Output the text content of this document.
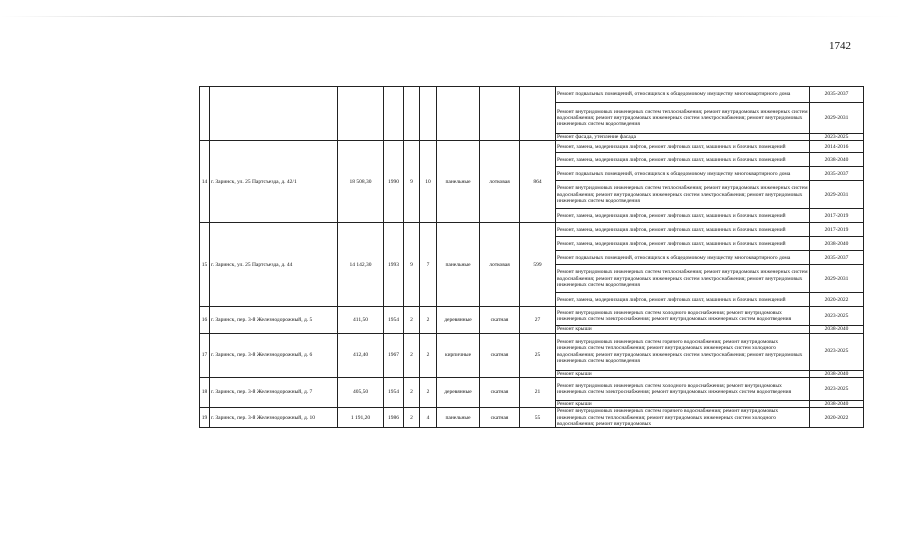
1742
									Ремонт подвальных помещений, относящихся к общедомовому имуществу многоквартирного дома	2035-2037
									Ремонт внутридомовых инженерных систем теплоснабжения; ремонт внутридомовых инженерных систем водоснабжения; ремонт внутридомовых инженерных систем электроснабжения; ремонт внутридомовых инженерных систем водоотведения	2029-2031
									Ремонт фасада, утепление фасада	2023-2025
14	г. Заринск, ул. 25 Партсъезда, д. 42/1	18 508,30	1990	9	10	панельные	лотковая	864	Ремонт, замена, модернизация лифтов, ремонт лифтовых шахт, машинных и блочных помещений	2014-2016
									Ремонт, замена, модернизация лифтов, ремонт лифтовых шахт, машинных и блочных помещений	2038-2040
									Ремонт подвальных помещений, относящихся к общедомовому имуществу многоквартирного дома	2035-2037
									Ремонт внутридомовых инженерных систем теплоснабжения; ремонт внутридомовых инженерных систем водоснабжения; ремонт внутридомовых инженерных систем электроснабжения; ремонт внутридомовых инженерных систем водоотведения	2029-2031
									Ремонт, замена, модернизация лифтов, ремонт лифтовых шахт, машинных и блочных помещений	2017-2019
15	г. Заринск, ул. 25 Партсъезда, д. 44	14 142,30	1993	9	7	панельные	лотковая	599	Ремонт, замена, модернизация лифтов, ремонт лифтовых шахт, машинных и блочных помещений	2017-2019
									Ремонт, замена, модернизация лифтов, ремонт лифтовых шахт, машинных и блочных помещений	2038-2040
									Ремонт подвальных помещений, относящихся к общедомовому имуществу многоквартирного дома	2035-2037
									Ремонт внутридомовых инженерных систем теплоснабжения; ремонт внутридомовых инженерных систем водоснабжения; ремонт внутридомовых инженерных систем электроснабжения; ремонт внутридомовых инженерных систем водоотведения	2029-2031
									Ремонт, замена, модернизация лифтов, ремонт лифтовых шахт, машинных и блочных помещений	2020-2022
16	г. Заринск, пер. 3-й Железнодорожный, д. 5	411,50	1954	2	2	деревянные	скатная	27	Ремонт внутридомовых инженерных систем холодного водоснабжения; ремонт внутридомовых инженерных систем электроснабжения; ремонт внутридомовых инженерных систем водоотведения	2023-2025
									Ремонт крыши	2038-2040
17	г. Заринск, пер. 3-й Железнодорожный, д. 6	412,40	1967	2	2	кирпичные	скатная	25	Ремонт внутридомовых инженерных систем горячего водоснабжения; ремонт внутридомовых инженерных систем теплоснабжения; ремонт внутридомовых инженерных систем холодного водоснабжения; ремонт внутридомовых инженерных систем электроснабжения; ремонт внутридомовых инженерных систем водоотведения	2023-2025
									Ремонт крыши	2038-2040
18	г. Заринск, пер. 3-й Железнодорожный, д. 7	405,50	1954	2	2	деревянные	скатная	21	Ремонт внутридомовых инженерных систем холодного водоснабжения; ремонт внутридомовых инженерных систем электроснабжения; ремонт внутридомовых инженерных систем водоотведения	2023-2025
									Ремонт крыши	2038-2040
19	г. Заринск, пер. 3-й Железнодорожный, д. 10	1 191,20	1986	2	4	панельные	скатная	55	Ремонт внутридомовых инженерных систем горячего водоснабжения; ремонт внутридомовых инженерных систем теплоснабжения; ремонт внутридомовых инженерных систем холодного водоснабжения; ремонт внутридомовых	2020-2022
